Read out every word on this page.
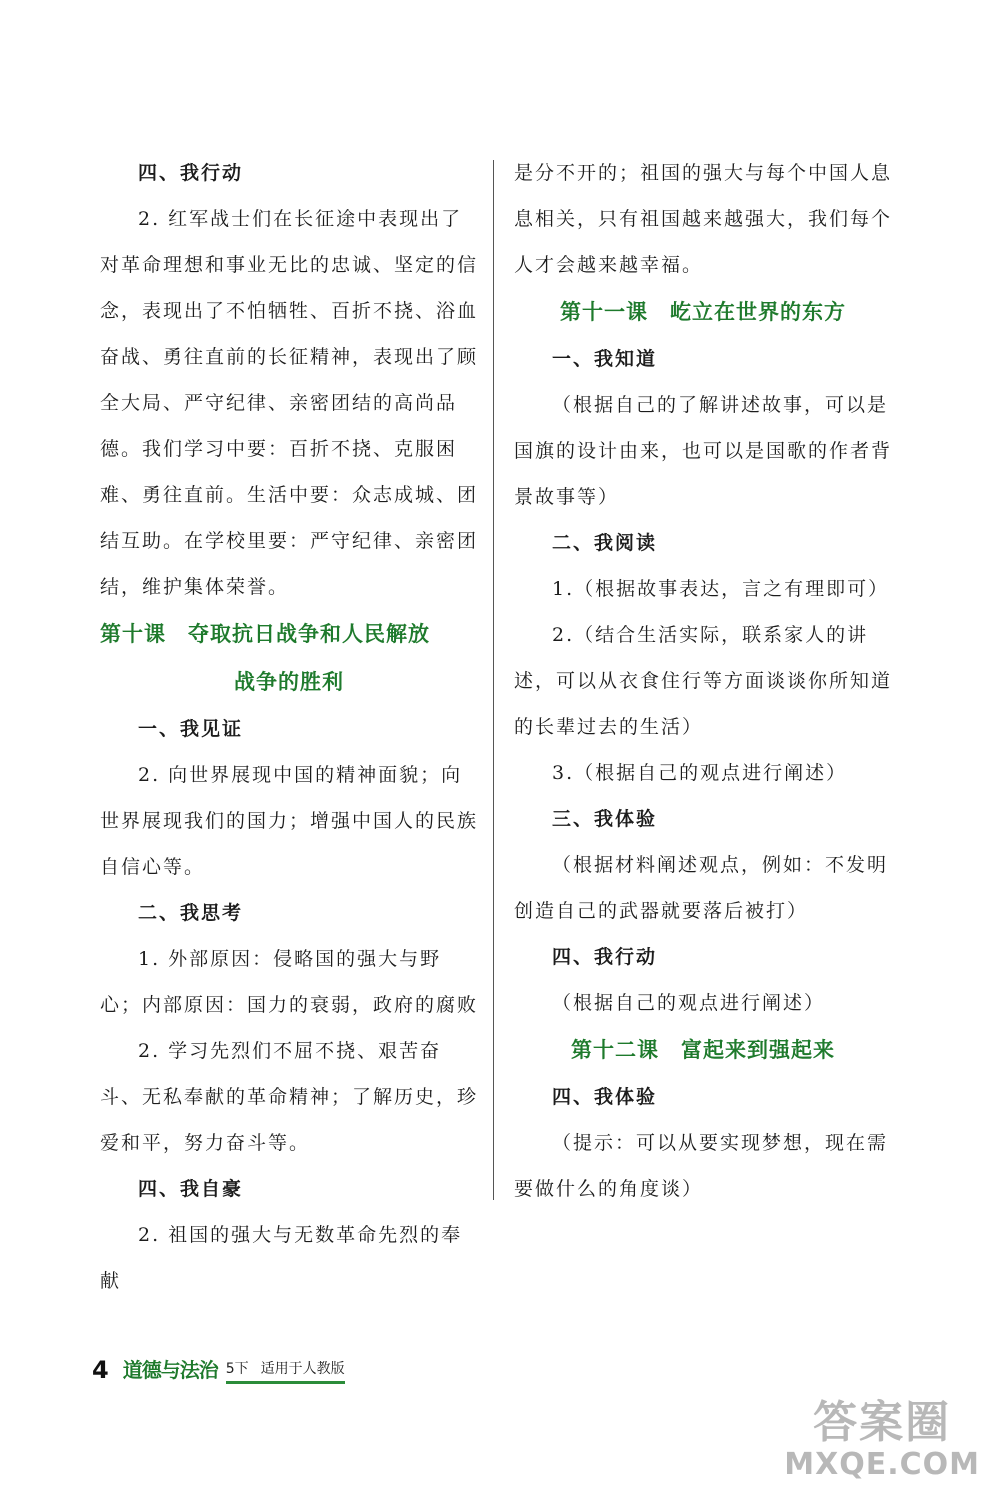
四、我行动

2. 红军战士们在长征途中表现出了对革命理想和事业无比的忠诚、坚定的信念，表现出了不怕牺牲、百折不挠、浴血奋战、勇往直前的长征精神，表现出了顾全大局、严守纪律、亲密团结的高尚品德。我们学习中要：百折不挠、克服困难、勇往直前。生活中要：众志成城、团结互助。在学校里要：严守纪律、亲密团结，维护集体荣誉。

第十课　夺取抗日战争和人民解放

战争的胜利

一、我见证

2. 向世界展现中国的精神面貌；向世界展现我们的国力；增强中国人的民族自信心等。

二、我思考

1. 外部原因：侵略国的强大与野心；内部原因：国力的衰弱，政府的腐败

2. 学习先烈们不屈不挠、艰苦奋斗、无私奉献的革命精神；了解历史，珍爱和平，努力奋斗等。

四、我自豪

2. 祖国的强大与无数革命先烈的奉献

是分不开的；祖国的强大与每个中国人息息相关，只有祖国越来越强大，我们每个人才会越来越幸福。

第十一课　屹立在世界的东方

一、我知道

（根据自己的了解讲述故事，可以是国旗的设计由来，也可以是国歌的作者背景故事等）

二、我阅读

1.（根据故事表达，言之有理即可）

2.（结合生活实际，联系家人的讲述，可以从衣食住行等方面谈谈你所知道的长辈过去的生活）

3.（根据自己的观点进行阐述）

三、我体验

（根据材料阐述观点，例如：不发明创造自己的武器就要落后被打）

四、我行动

（根据自己的观点进行阐述）

第十二课　富起来到强起来

四、我体验

（提示：可以从要实现梦想，现在需要做什么的角度谈）

4 道德与法治 5下 适用于人教版
答案圈
MXQE.COM
